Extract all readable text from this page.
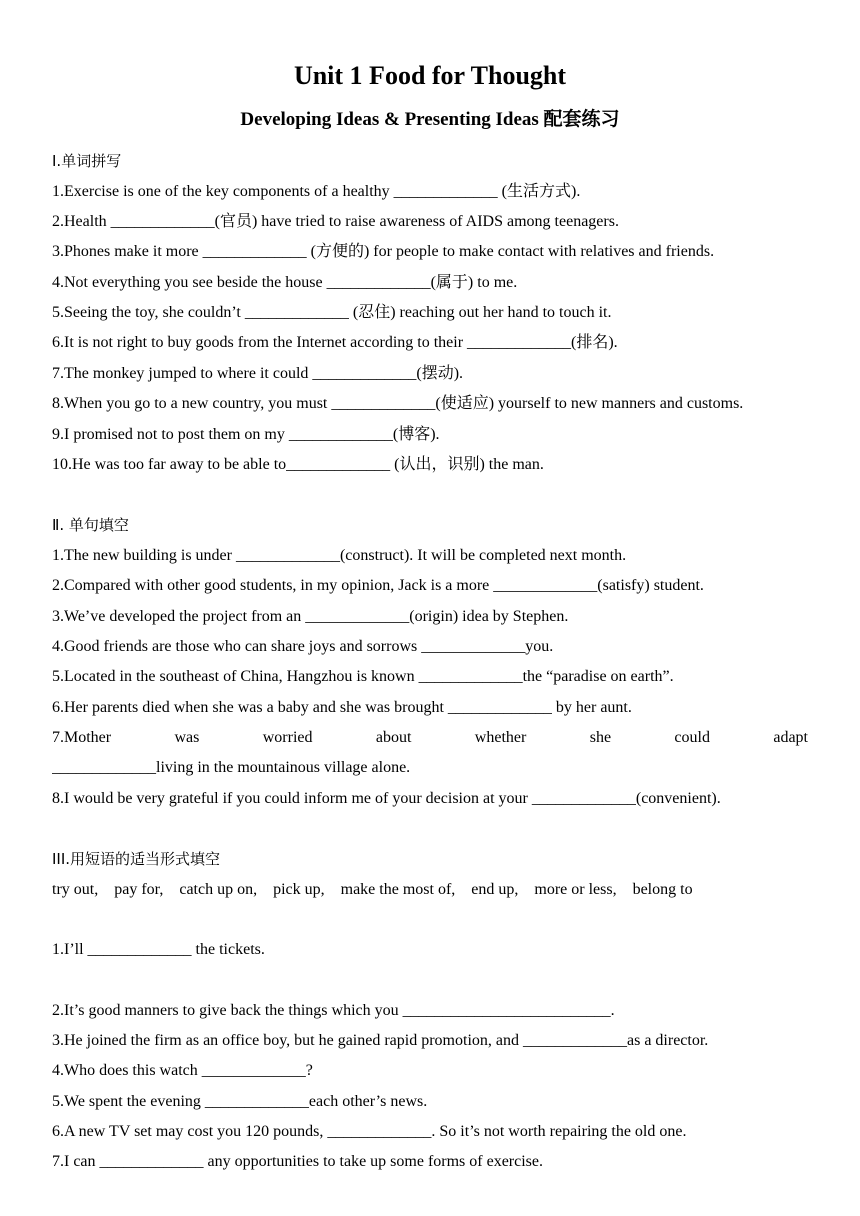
Unit 1 Food for Thought
Developing Ideas & Presenting Ideas 配套练习
Ⅰ.单词拼写
1.Exercise is one of the key components of a healthy _____________ (生活方式).
2.Health _____________(官员) have tried to raise awareness of AIDS among teenagers.
3.Phones make it more _____________ (方便的) for people to make contact with relatives and friends.
4.Not everything you see beside the house _____________(属于) to me.
5.Seeing the toy, she couldn’t _____________ (忍住) reaching out her hand to touch it.
6.It is not right to buy goods from the Internet according to their _____________(排名).
7.The monkey jumped to where it could _____________(摆动).
8.When you go to a new country, you must _____________(使适应) yourself to new manners and customs.
9.I promised not to post them on my _____________(博客).
10.He was too far away to be able to_____________ (认出，识别) the man.
Ⅱ. 单句填空
1.The new building is under _____________(construct). It will be completed next month.
2.Compared with other good students, in my opinion, Jack is a more _____________(satisfy) student.
3.We’ve developed the project from an _____________(origin) idea by Stephen.
4.Good friends are those who can share joys and sorrows _____________you.
5.Located in the southeast of China, Hangzhou is known _____________the “paradise on earth”.
6.Her parents died when she was a baby and she was brought _____________ by her aunt.
7.Mother was worried about whether she could adapt
_____________living in the mountainous village alone.
8.I would be very grateful if you could inform me of your decision at your _____________(convenient).
III.用短语的适当形式填空
try out,    pay for,    catch up on,    pick up,    make the most of,    end up,    more or less,    belong to
1.I’ll _____________ the tickets.
2.It’s good manners to give back the things which you __________________________.
3.He joined the firm as an office boy, but he gained rapid promotion, and _____________as a director.
4.Who does this watch _____________?
5.We spent the evening _____________each other’s news.
6.A new TV set may cost you 120 pounds, _____________. So it’s not worth repairing the old one.
7.I can _____________ any opportunities to take up some forms of exercise.
